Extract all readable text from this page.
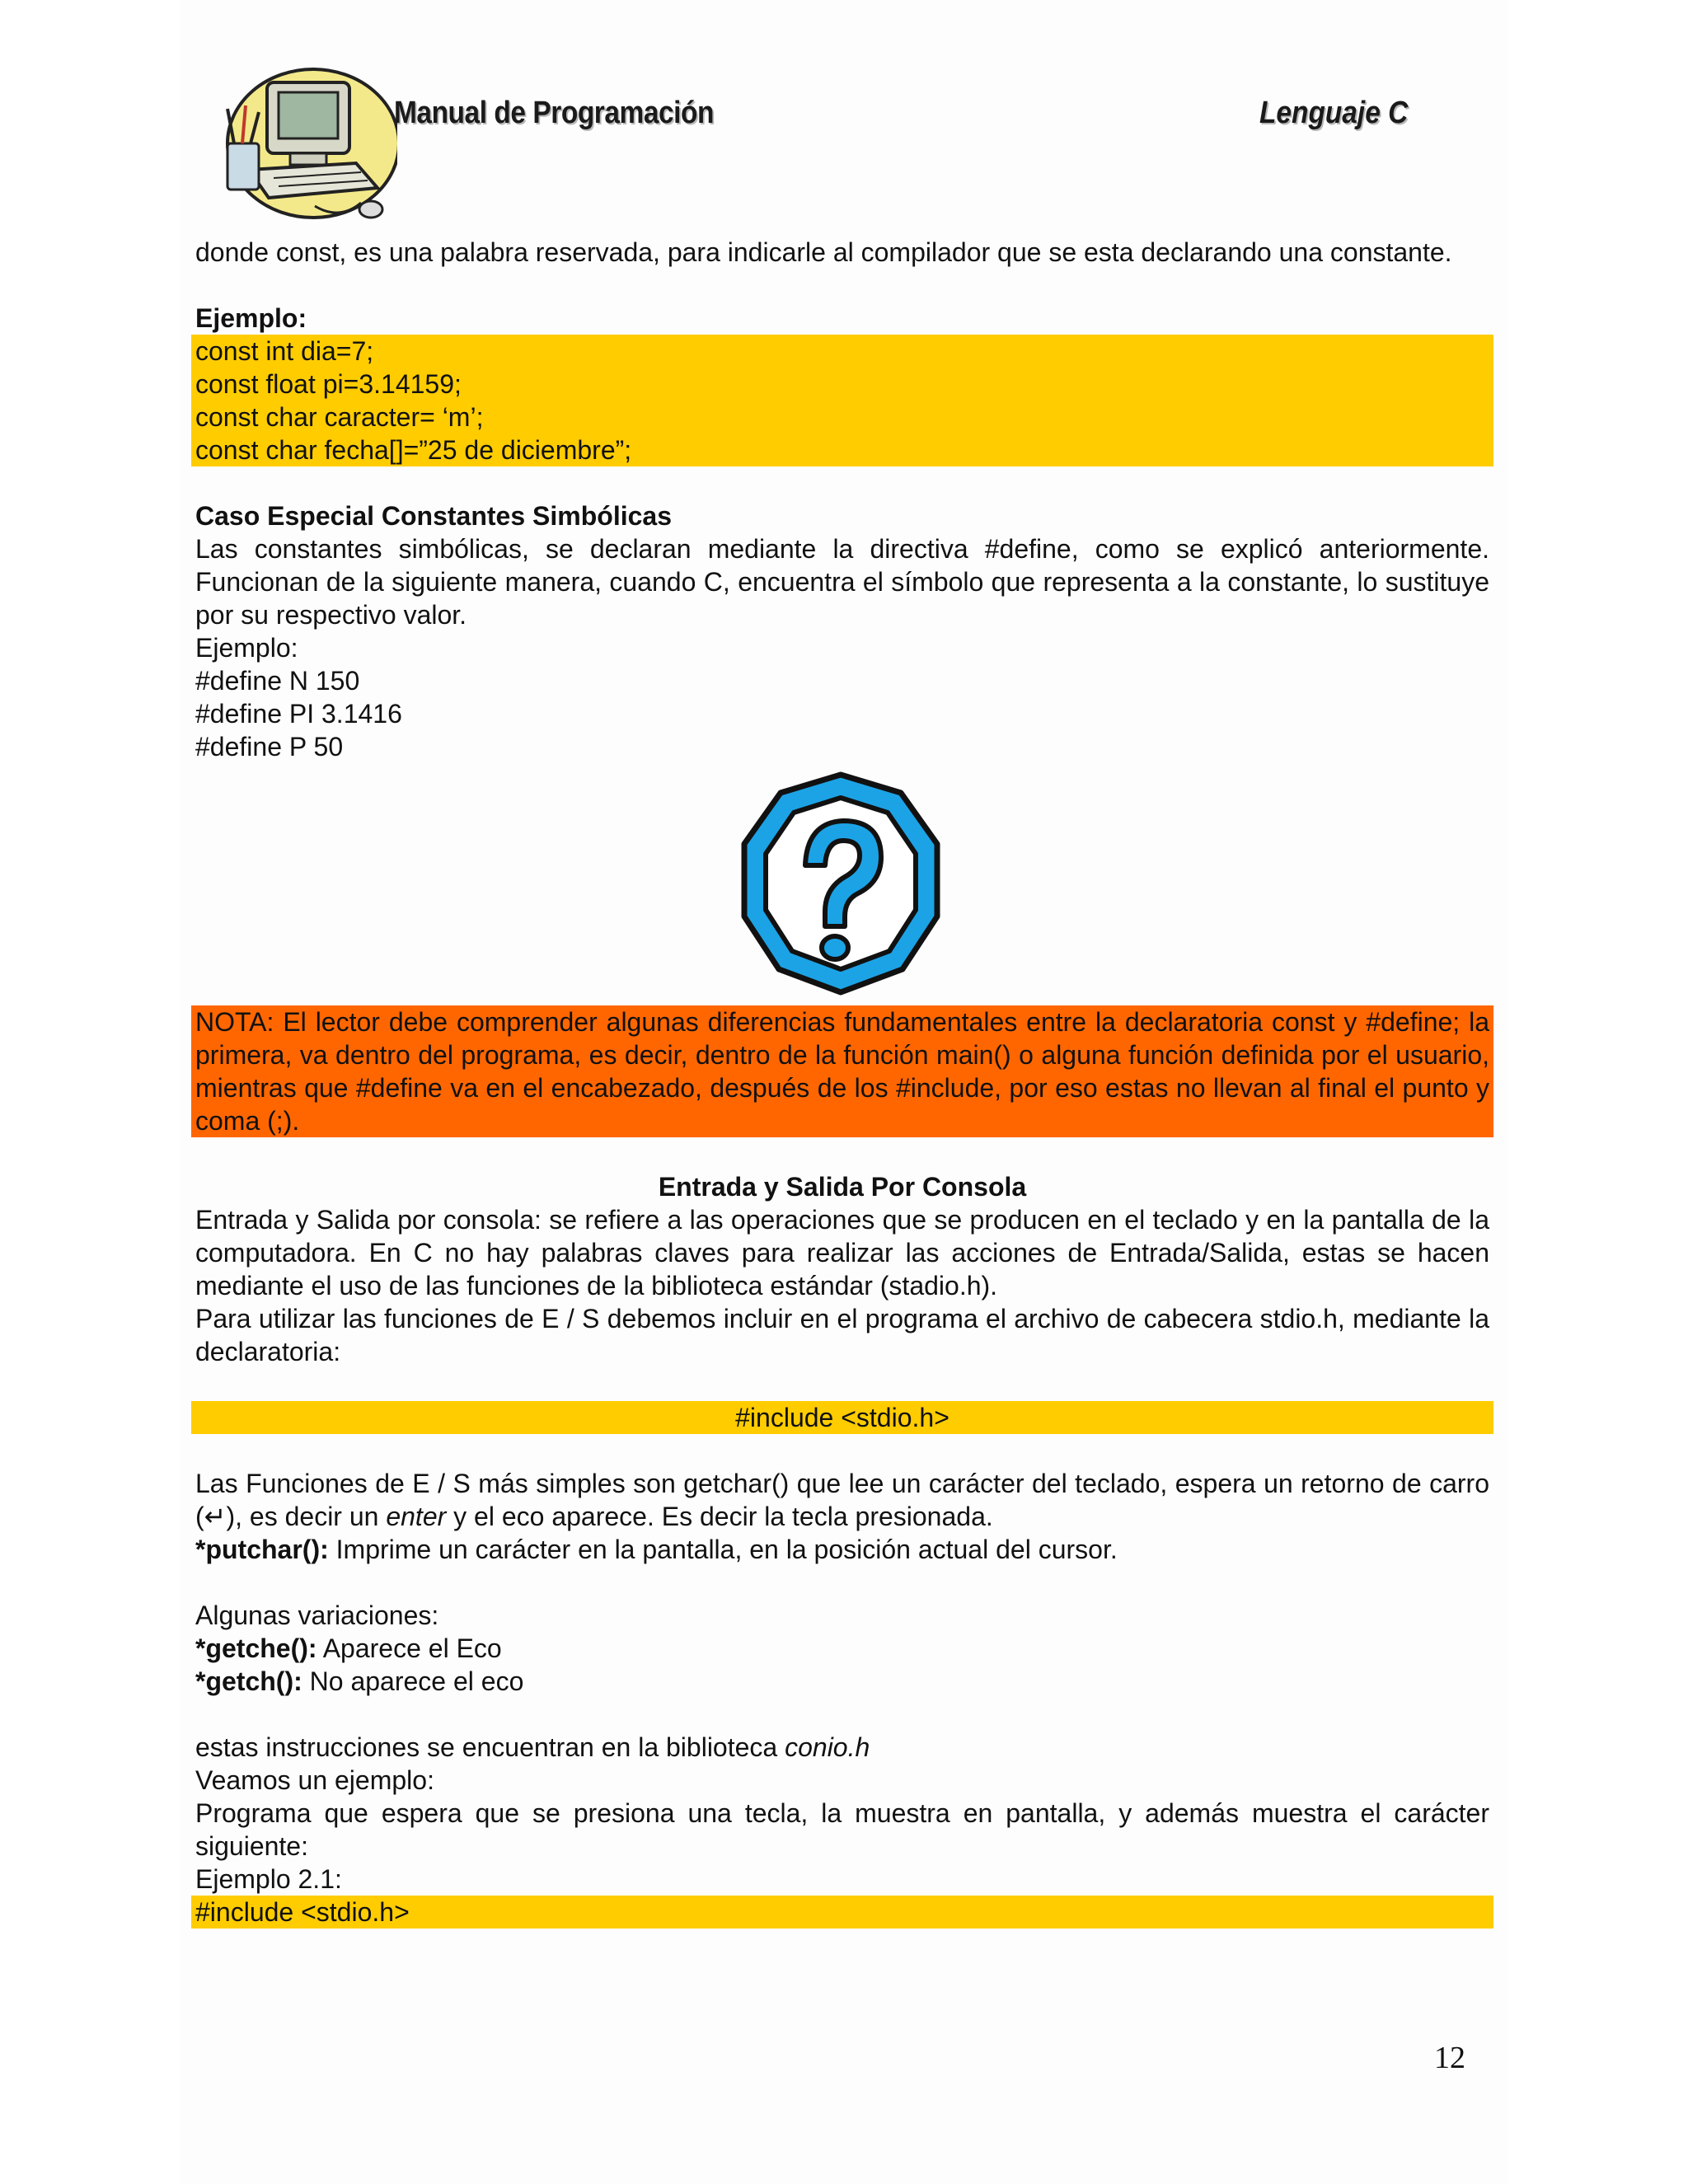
Manual de Programación	Lenguaje C

donde const, es una palabra reservada, para indicarle al compilador que se esta declarando una constante.

Ejemplo:
const int dia=7;
const float pi=3.14159;
const char caracter= ‘m’;
const char fecha[]=”25 de diciembre”;
Caso Especial Constantes Simbólicas

Las constantes simbólicas, se declaran mediante la directiva #define, como se explicó anteriormente. Funcionan de la siguiente manera, cuando C, encuentra el símbolo que representa a la constante, lo sustituye por su respectivo valor.

Ejemplo:
#define N 150
#define PI 3.1416
#define P 50

NOTA: El lector debe comprender algunas diferencias fundamentales entre la declaratoria const y #define; la primera, va dentro del programa, es decir, dentro de la función main() o alguna función definida por el usuario, mientras que #define va en el encabezado, después de los #include, por eso estas no llevan al final el punto y coma (;).

Entrada y Salida Por Consola

Entrada y Salida por consola: se refiere a las operaciones que se producen en el teclado y en la pantalla de la computadora. En C no hay palabras claves para realizar las acciones de Entrada/Salida, estas se hacen mediante el uso de las funciones de la biblioteca estándar (stadio.h).

Para utilizar las funciones de E / S debemos incluir en el programa el archivo de cabecera stdio.h, mediante la declaratoria:

#include <stdio.h>

Las Funciones de E / S más simples son getchar() que lee un carácter del teclado, espera un retorno de carro (↵), es decir un enter y el eco aparece. Es decir la tecla presionada.

*putchar(): Imprime un carácter en la pantalla, en la posición actual del cursor.
Algunas variaciones:
*getche(): Aparece el Eco
*getch(): No aparece el eco
estas instrucciones se encuentran en la biblioteca conio.h
Veamos un ejemplo:

Programa que espera que se presiona una tecla, la muestra en pantalla, y además muestra el carácter siguiente:

Ejemplo 2.1:
#include <stdio.h>
12
